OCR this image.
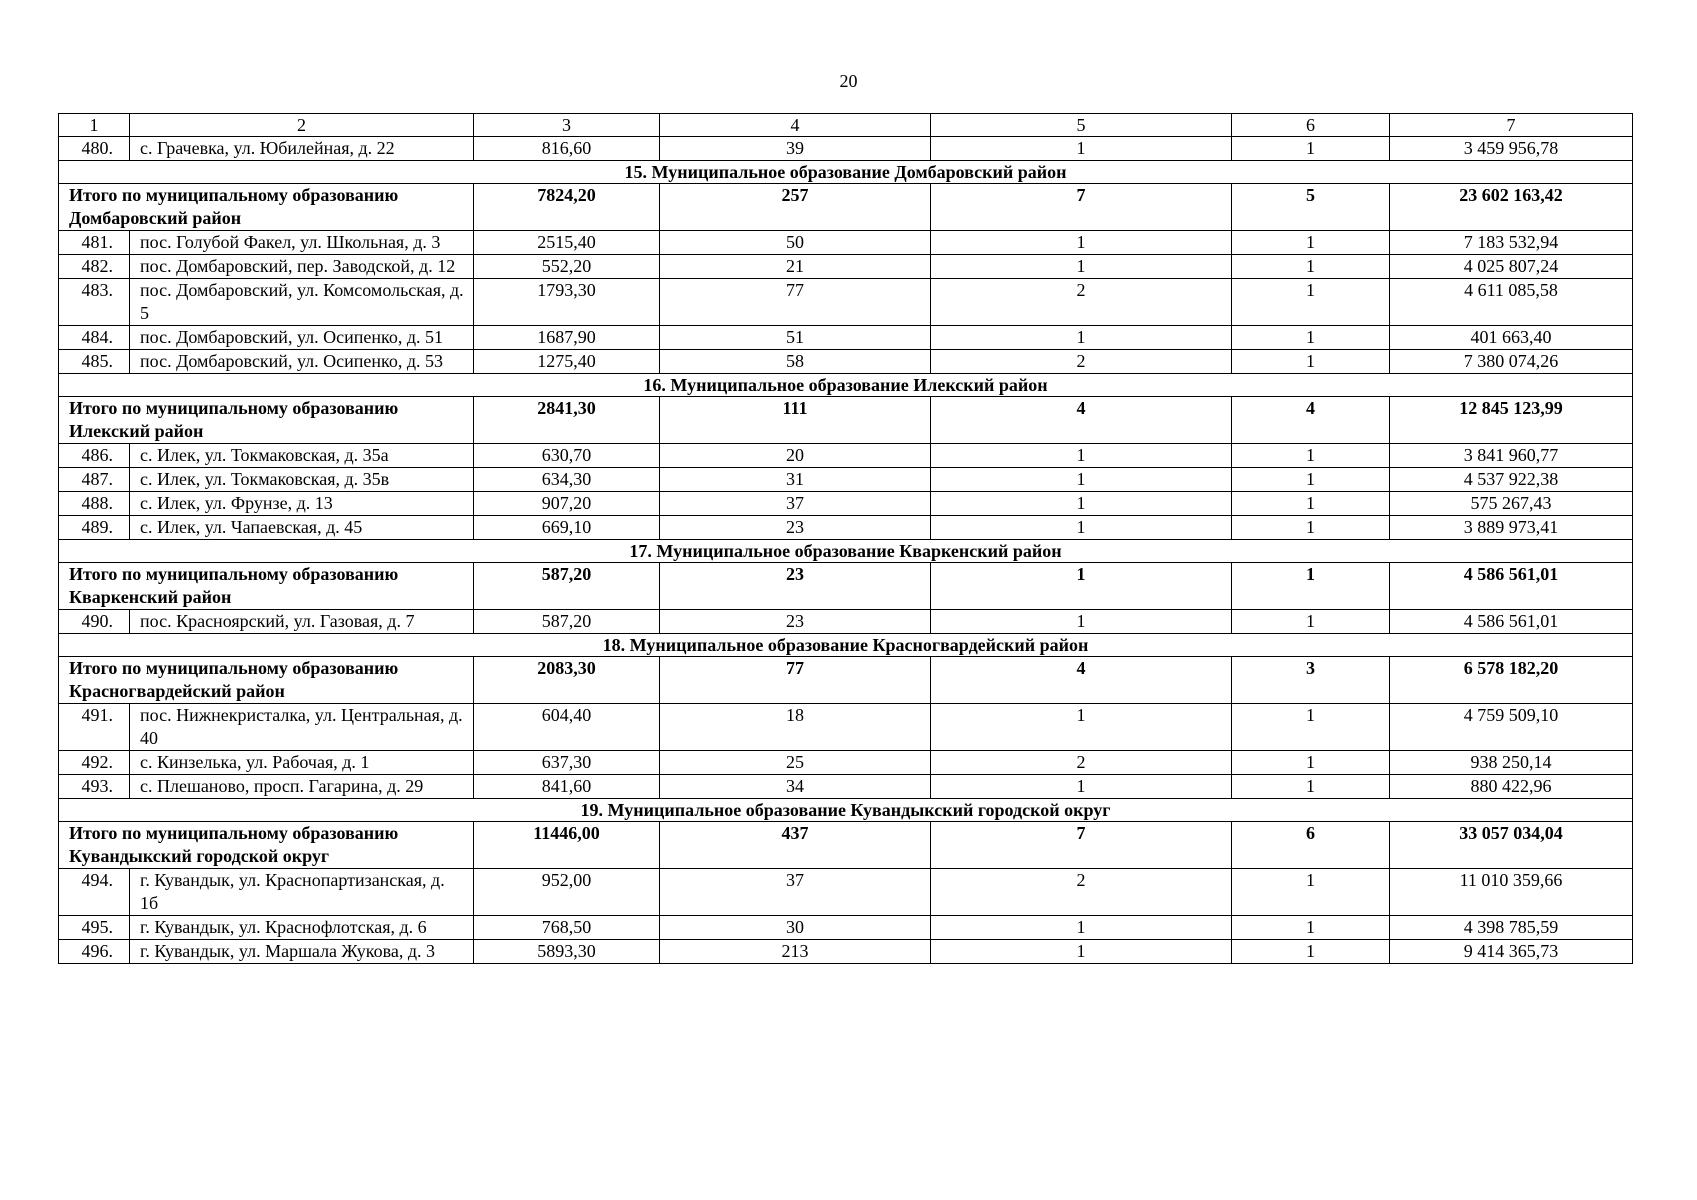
20
1	2	3	4	5	6	7
480.	с. Грачевка, ул. Юбилейная, д. 22	816,60	39	1	1	3 459 956,78
15. Муниципальное образование Домбаровский район						
Итого по муниципальному образованию Домбаровский район		7824,20	257	7	5	23 602 163,42
481.	пос. Голубой Факел, ул. Школьная, д. 3	2515,40	50	1	1	7 183 532,94
482.	пос. Домбаровский, пер. Заводской, д. 12	552,20	21	1	1	4 025 807,24
483.	пос. Домбаровский, ул. Комсомольская, д. 5	1793,30	77	2	1	4 611 085,58
484.	пос. Домбаровский, ул. Осипенко, д. 51	1687,90	51	1	1	401 663,40
485.	пос. Домбаровский, ул. Осипенко, д. 53	1275,40	58	2	1	7 380 074,26
16. Муниципальное образование Илекский район						
Итого по муниципальному образованию Илекский район		2841,30	111	4	4	12 845 123,99
486.	с. Илек, ул. Токмаковская, д. 35а	630,70	20	1	1	3 841 960,77
487.	с. Илек, ул. Токмаковская, д. 35в	634,30	31	1	1	4 537 922,38
488.	с. Илек, ул. Фрунзе, д. 13	907,20	37	1	1	575 267,43
489.	с. Илек, ул. Чапаевская, д. 45	669,10	23	1	1	3 889 973,41
17. Муниципальное образование Кваркенский район						
Итого по муниципальному образованию Кваркенский район		587,20	23	1	1	4 586 561,01
490.	пос. Красноярский, ул. Газовая, д. 7	587,20	23	1	1	4 586 561,01
18. Муниципальное образование Красногвардейский район						
Итого по муниципальному образованию Красногвардейский район		2083,30	77	4	3	6 578 182,20
491.	пос. Нижнекристалка, ул. Центральная, д. 40	604,40	18	1	1	4 759 509,10
492.	с. Кинзелька, ул. Рабочая, д. 1	637,30	25	2	1	938 250,14
493.	с. Плешаново, просп. Гагарина, д. 29	841,60	34	1	1	880 422,96
19. Муниципальное образование Кувандыкский городской округ						
Итого по муниципальному образованию Кувандыкский городской округ		11446,00	437	7	6	33 057 034,04
494.	г. Кувандык, ул. Краснопартизанская, д. 1б	952,00	37	2	1	11 010 359,66
495.	г. Кувандык, ул. Краснофлотская, д. 6	768,50	30	1	1	4 398 785,59
496.	г. Кувандык, ул. Маршала Жукова, д. 3	5893,30	213	1	1	9 414 365,73
